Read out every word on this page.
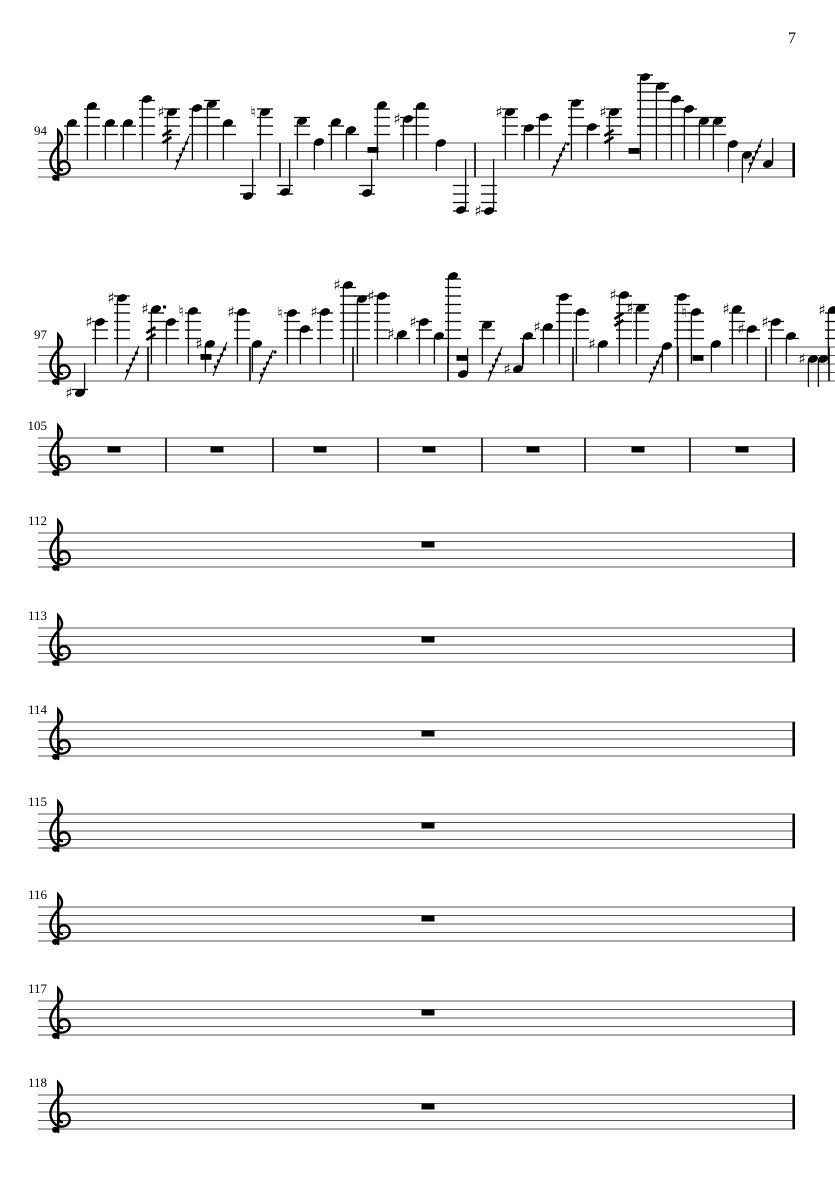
♯	♮	♯
♯
♯	♯
♯
♯
♯
♯ ♮
♯
♯	♮ ♯
♯
♯
♯
♯
♯
♯
♯
♯
♯	♮ ♯
♯ ♯
♯
♯
7
94
97
105
112
113
114
115
116
117
118
